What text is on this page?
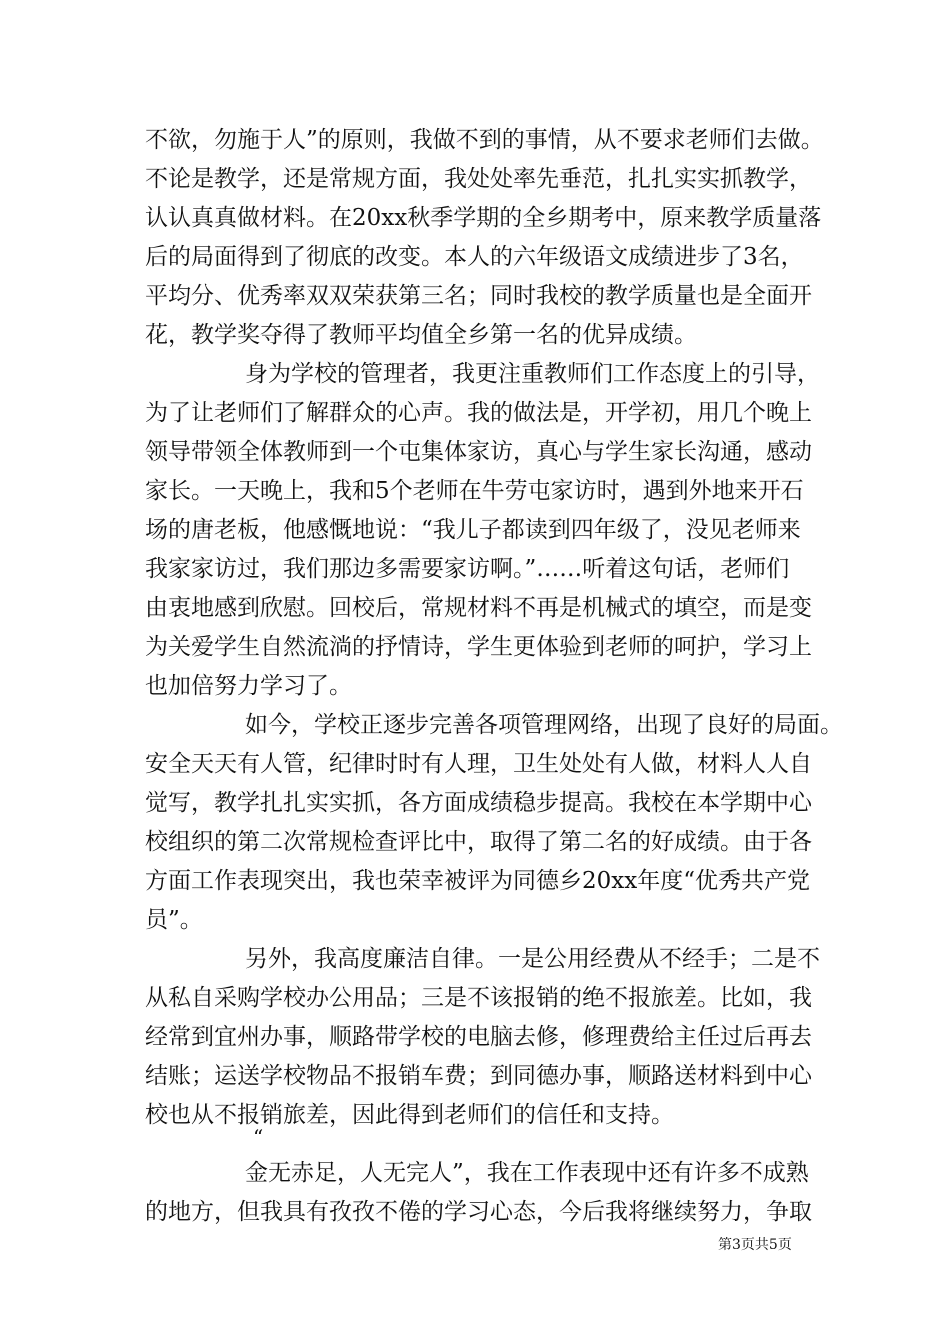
不欲，勿施于人”的原则，我做不到的事情，从不要求老师们去做。
不论是教学，还是常规方面，我处处率先垂范，扎扎实实抓教学，
认认真真做材料。在20xx秋季学期的全乡期考中，原来教学质量落
后的局面得到了彻底的改变。本人的六年级语文成绩进步了3名，
平均分、优秀率双双荣获第三名；同时我校的教学质量也是全面开
花，教学奖夺得了教师平均值全乡第一名的优异成绩。
身为学校的管理者，我更注重教师们工作态度上的引导，
为了让老师们了解群众的心声。我的做法是，开学初，用几个晚上
领导带领全体教师到一个屯集体家访，真心与学生家长沟通，感动
家长。一天晚上，我和5个老师在牛劳屯家访时，遇到外地来开石
场的唐老板，他感慨地说：“我儿子都读到四年级了，没见老师来
我家家访过，我们那边多需要家访啊。”……听着这句话，老师们
由衷地感到欣慰。回校后，常规材料不再是机械式的填空，而是变
为关爱学生自然流淌的抒情诗，学生更体验到老师的呵护，学习上
也加倍努力学习了。
如今，学校正逐步完善各项管理网络，出现了良好的局面。
安全天天有人管，纪律时时有人理，卫生处处有人做，材料人人自
觉写，教学扎扎实实抓，各方面成绩稳步提高。我校在本学期中心
校组织的第二次常规检查评比中，取得了第二名的好成绩。由于各
方面工作表现突出，我也荣幸被评为同德乡20xx年度“优秀共产党
员”。
另外，我高度廉洁自律。一是公用经费从不经手；二是不
从私自采购学校办公用品；三是不该报销的绝不报旅差。比如，我
经常到宜州办事，顺路带学校的电脑去修，修理费给主任过后再去
结账；运送学校物品不报销车费；到同德办事，顺路送材料到中心
校也从不报销旅差，因此得到老师们的信任和支持。
“
金无赤足，人无完人”，我在工作表现中还有许多不成熟
的地方，但我具有孜孜不倦的学习心态，今后我将继续努力，争取
第3页共5页
